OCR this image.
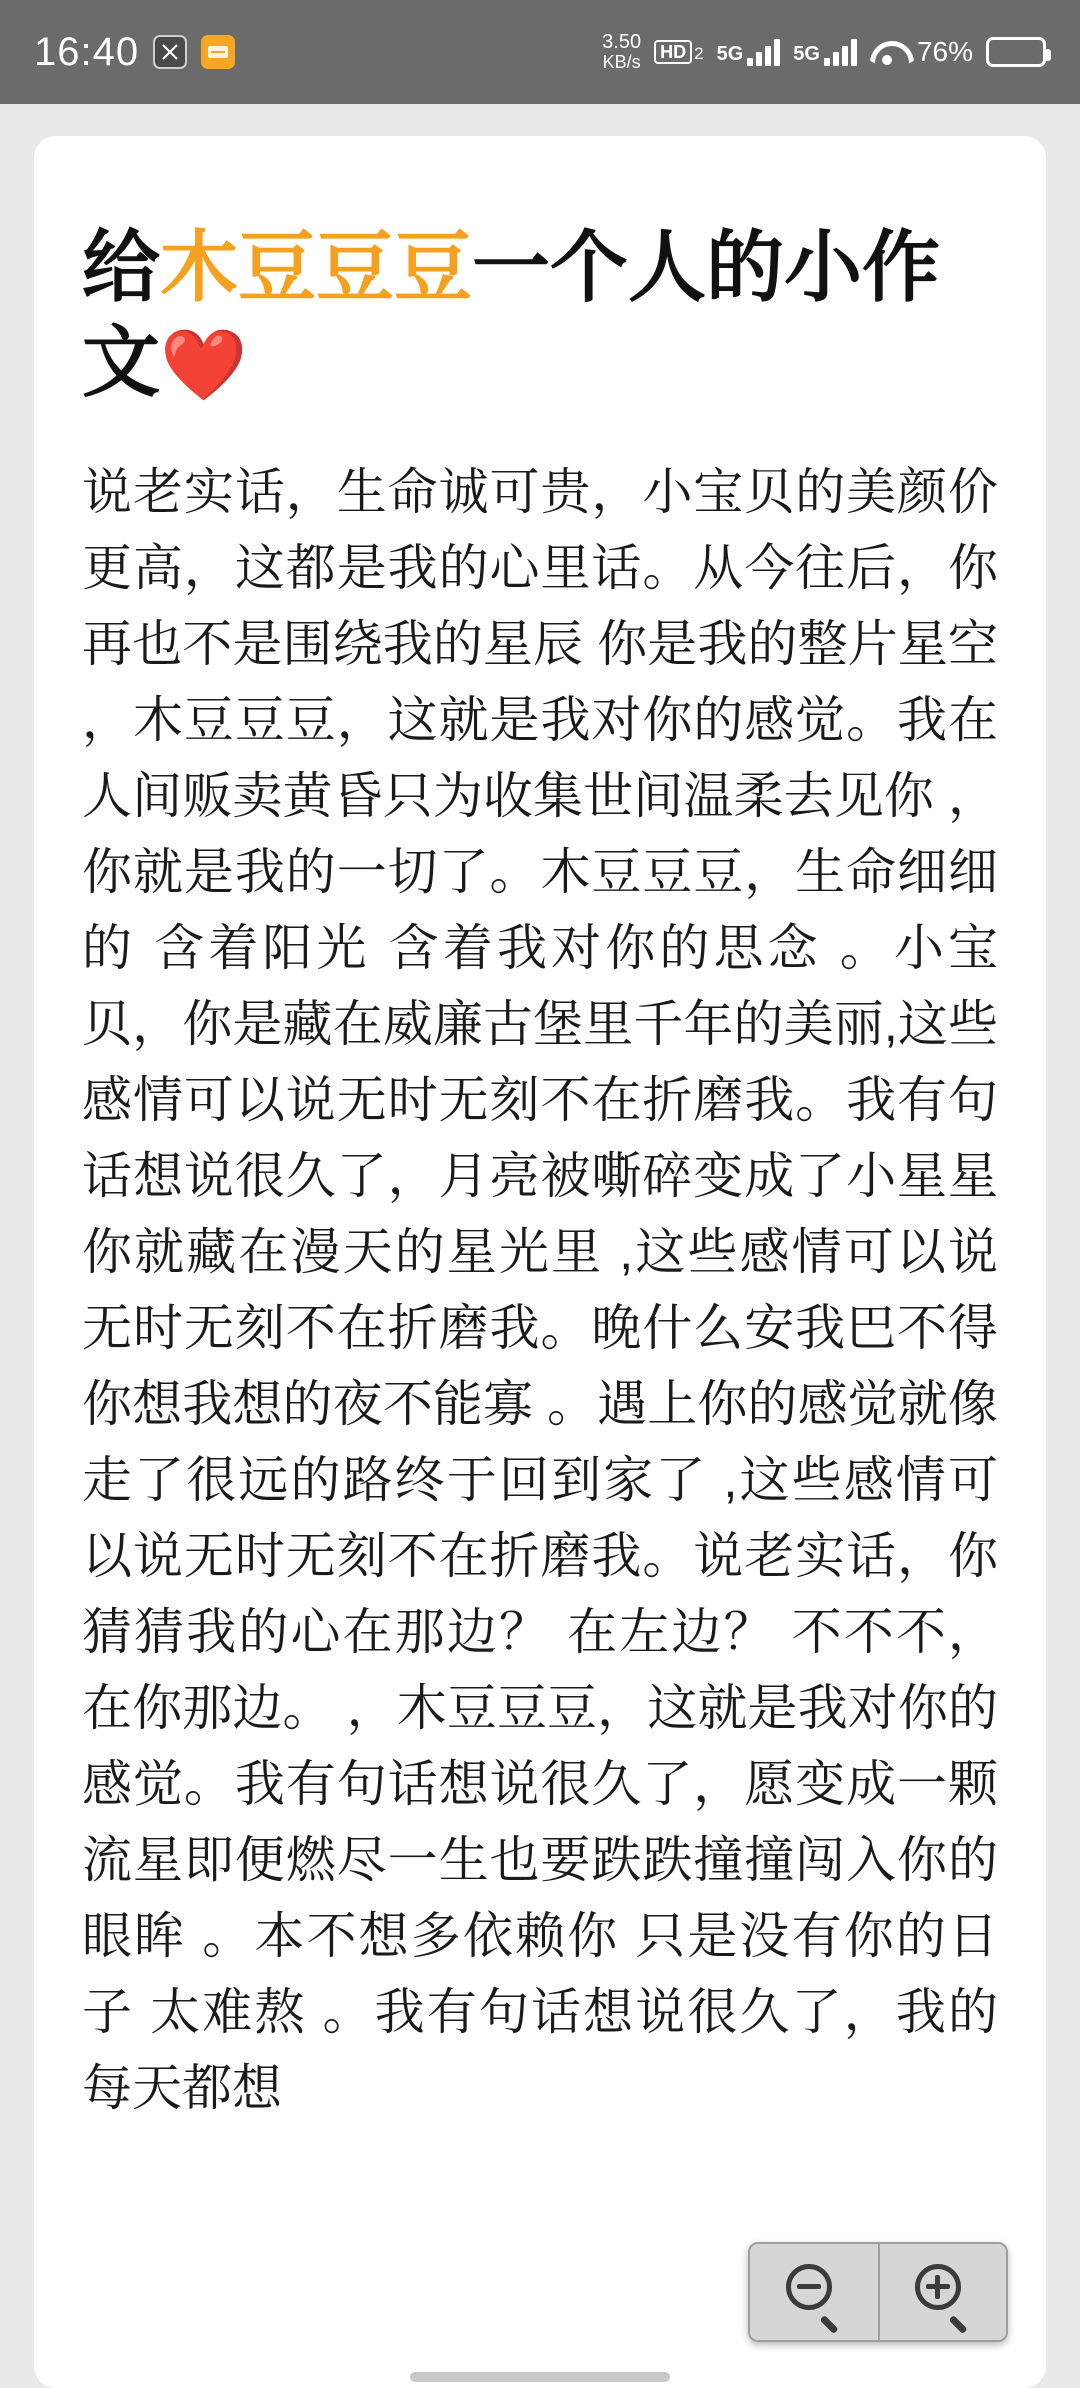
16:40	3.50
KB/s
HD 2 5G	5G	76%
给木豆豆豆一个人的小作文❤️
说老实话，生命诚可贵，小宝贝的美颜价更高，这都是我的心里话。从今往后，你再也不是围绕我的星辰 你是我的整片星空 ，木豆豆豆，这就是我对你的感觉。我在人间贩卖黄昏只为收集世间温柔去见你 ，你就是我的一切了。木豆豆豆，生命细细的 含着阳光 含着我对你的思念 。小宝贝，你是藏在威廉古堡里千年的美丽,这些感情可以说无时无刻不在折磨我。我有句话想说很久了，月亮被嘶碎变成了小星星 你就藏在漫天的星光里 ,这些感情可以说无时无刻不在折磨我。晚什么安我巴不得你想我想的夜不能寡 。遇上你的感觉就像走了很远的路终于回到家了 ,这些感情可以说无时无刻不在折磨我。说老实话，你猜猜我的心在那边？ 在左边？ 不不不，在你那边。 ，木豆豆豆，这就是我对你的感觉。我有句话想说很久了，愿变成一颗流星即便燃尽一生也要跌跌撞撞闯入你的眼眸 。本不想多依赖你 只是没有你的日子 太难熬 。我有句话想说很久了，我的每天都想
